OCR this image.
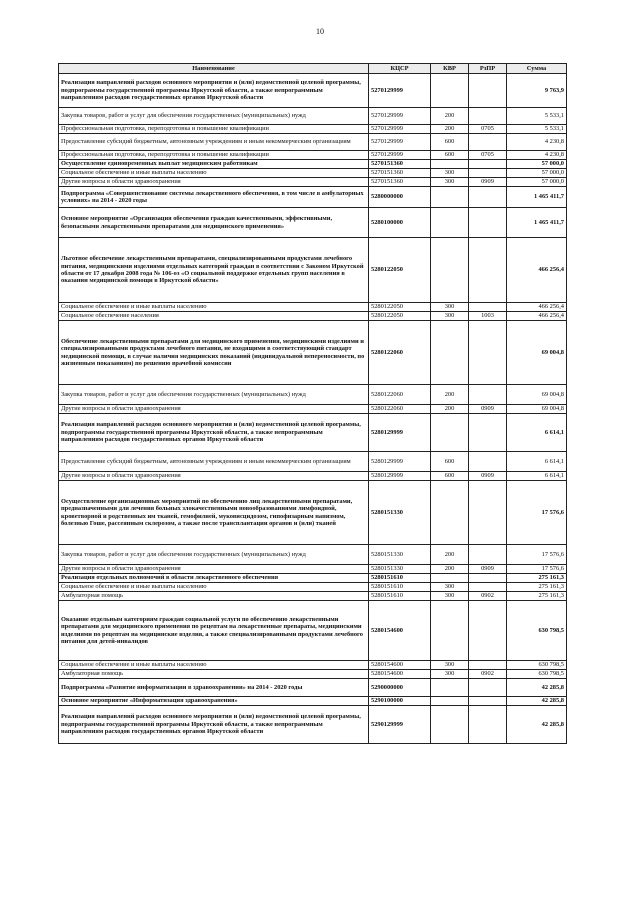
10
Наименование	КЦСР	КВР	РзПР	Сумма
Реализация направлений расходов основного мероприятия и (или) ведомственной целевой программы, подпрограммы государственной программы Иркутской области, а также непрограммным направлениям расходов государственных органов Иркутской области	5270129999			9 763,9
Закупка товаров, работ и услуг для обеспечения государственных (муниципальных) нужд	5270129999	200		5 533,1
Профессиональная подготовка, переподготовка и повышение квалификации	5270129999	200	0705	5 533,1
Предоставление субсидий бюджетным, автономным учреждениям и иным некоммерческим организациям	5270129999	600		4 230,8
Профессиональная подготовка, переподготовка и повышение квалификации	5270129999	600	0705	4 230,8
Осуществление единовременных выплат медицинским работникам	5270151360			57 000,0
Социальное обеспечение и иные выплаты населению	5270151360	300		57 000,0
Другие вопросы в области здравоохранения	5270151360	300	0909	57 000,0
Подпрограмма «Совершенствование системы лекарственного обеспечения, в том числе в амбулаторных условиях» на 2014 - 2020 годы	5280000000			1 465 411,7
Основное мероприятие «Организация обеспечения граждан качественными, эффективными, безопасными лекарственными препаратами для медицинского применения»	5280100000			1 465 411,7
Льготное обеспечение лекарственными препаратами, специализированными продуктами лечебного питания, медицинскими изделиями отдельных категорий граждан в соответствии с Законом Иркутской области от 17 декабря 2008 года № 106-оз «О социальной поддержке отдельных групп населения в оказании медицинской помощи в Иркутской области»	5280122050			466 256,4
Социальное обеспечение и иные выплаты населению	5280122050	300		466 256,4
Социальное обеспечение населения	5280122050	300	1003	466 256,4
Обеспечение лекарственными препаратами для медицинского применения, медицинскими изделиями и специализированными продуктами лечебного питания, не входящими в соответствующий стандарт медицинской помощи, в случае наличия медицинских показаний (индивидуальной непереносимости, по жизненным показаниям) по решению врачебной комиссии	5280122060			69 004,8
Закупка товаров, работ и услуг для обеспечения государственных (муниципальных) нужд	5280122060	200		69 004,8
Другие вопросы в области здравоохранения	5280122060	200	0909	69 004,8
Реализация направлений расходов основного мероприятия и (или) ведомственной целевой программы, подпрограммы государственной программы Иркутской области, а также непрограммным направлениям расходов государственных органов Иркутской области	5280129999			6 614,1
Предоставление субсидий бюджетным, автономным учреждениям и иным некоммерческим организациям	5280129999	600		6 614,1
Другие вопросы в области здравоохранения	5280129999	600	0909	6 614,1
Осуществление организационных мероприятий по обеспечению лиц лекарственными препаратами, предназначенными для лечения больных злокачественными новообразованиями лимфоидной, кроветворной и родственных им тканей, гемофилией, муковисцидозом, гипофизарным нанизмом, болезнью Гоше, рассеянным склерозом, а также после трансплантации органов и (или) тканей	5280151330			17 576,6
Закупка товаров, работ и услуг для обеспечения государственных (муниципальных) нужд	5280151330	200		17 576,6
Другие вопросы в области здравоохранения	5280151330	200	0909	17 576,6
Реализация отдельных полномочий в области лекарственного обеспечения	5280151610			275 161,3
Социальное обеспечение и иные выплаты населению	5280151610	300		275 161,3
Амбулаторная помощь	5280151610	300	0902	275 161,3
Оказание отдельным категориям граждан социальной услуги по обеспечению лекарственными препаратами для медицинского применения по рецептам на лекарственные препараты, медицинскими изделиями по рецептам на медицинские изделия, а также специализированными продуктами лечебного питания для детей-инвалидов	5280154600			630 798,5
Социальное обеспечение и иные выплаты населению	5280154600	300		630 798,5
Амбулаторная помощь	5280154600	300	0902	630 798,5
Подпрограмма «Развитие информатизации в здравоохранении» на 2014 - 2020 годы	5290000000			42 285,8
Основное мероприятие «Информатизация здравоохранения»	5290100000			42 285,8
Реализация направлений расходов основного мероприятия и (или) ведомственной целевой программы, подпрограммы государственной программы Иркутской области, а также непрограммным направлениям расходов государственных органов Иркутской области	5290129999			42 285,8
